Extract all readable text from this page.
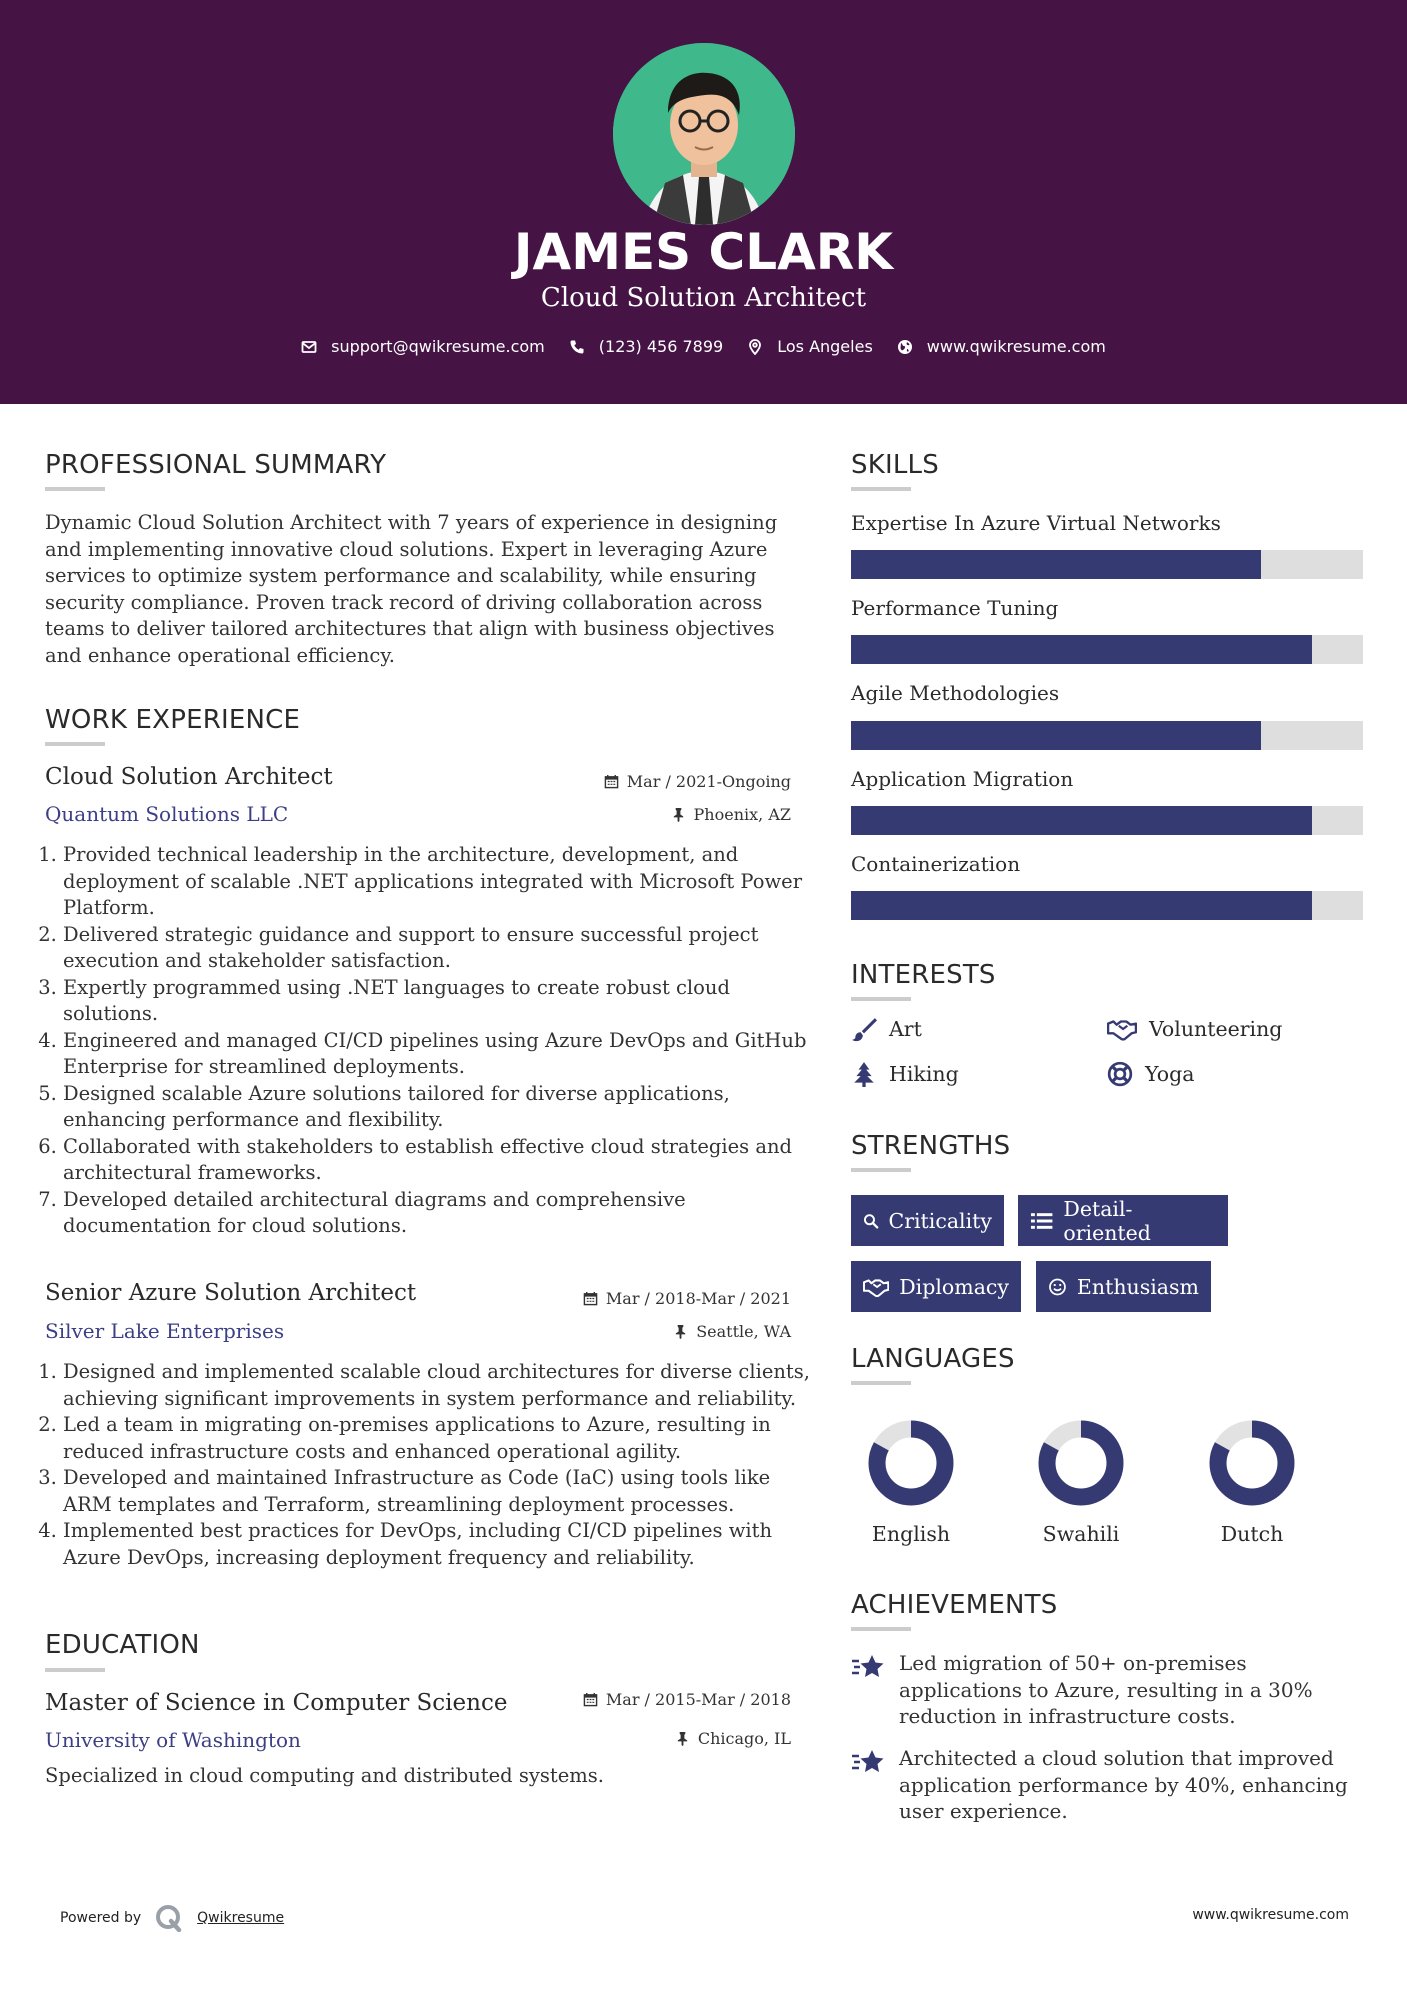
JAMES CLARK
Cloud Solution Architect
support@qwikresume.com	(123) 456 7899	Los Angeles	www.qwikresume.com
PROFESSIONAL SUMMARY
Dynamic Cloud Solution Architect with 7 years of experience in designing and implementing innovative cloud solutions. Expert in leveraging Azure services to optimize system performance and scalability, while ensuring security compliance. Proven track record of driving collaboration across teams to deliver tailored architectures that align with business objectives and enhance operational efficiency.
WORK EXPERIENCE
Cloud Solution Architect	Mar / 2021-Ongoing
Quantum Solutions LLC	Phoenix, AZ
1. Provided technical leadership in the architecture, development, and deployment of scalable .NET applications integrated with Microsoft Power Platform.
2. Delivered strategic guidance and support to ensure successful project execution and stakeholder satisfaction.
3. Expertly programmed using .NET languages to create robust cloud solutions.
4. Engineered and managed CI/CD pipelines using Azure DevOps and GitHub Enterprise for streamlined deployments.
5. Designed scalable Azure solutions tailored for diverse applications, enhancing performance and flexibility.
6. Collaborated with stakeholders to establish effective cloud strategies and architectural frameworks.
7. Developed detailed architectural diagrams and comprehensive documentation for cloud solutions.
Senior Azure Solution Architect	Mar / 2018-Mar / 2021
Silver Lake Enterprises	Seattle, WA
1. Designed and implemented scalable cloud architectures for diverse clients, achieving significant improvements in system performance and reliability.
2. Led a team in migrating on-premises applications to Azure, resulting in reduced infrastructure costs and enhanced operational agility.
3. Developed and maintained Infrastructure as Code (IaC) using tools like ARM templates and Terraform, streamlining deployment processes.
4. Implemented best practices for DevOps, including CI/CD pipelines with Azure DevOps, increasing deployment frequency and reliability.
EDUCATION
Master of Science in Computer Science	Mar / 2015-Mar / 2018
University of Washington	Chicago, IL
Specialized in cloud computing and distributed systems.
SKILLS
Expertise In Azure Virtual Networks
Performance Tuning
Agile Methodologies
Application Migration
Containerization
INTERESTS
Art	Volunteering
Hiking	Yoga
STRENGTHS
Criticality	Detail-oriented
Diplomacy	Enthusiasm
LANGUAGES
English	Swahili	Dutch
ACHIEVEMENTS
Led migration of 50+ on-premises applications to Azure, resulting in a 30% reduction in infrastructure costs.
Architected a cloud solution that improved application performance by 40%, enhancing user experience.
Powered by	Qwikresume	www.qwikresume.com
